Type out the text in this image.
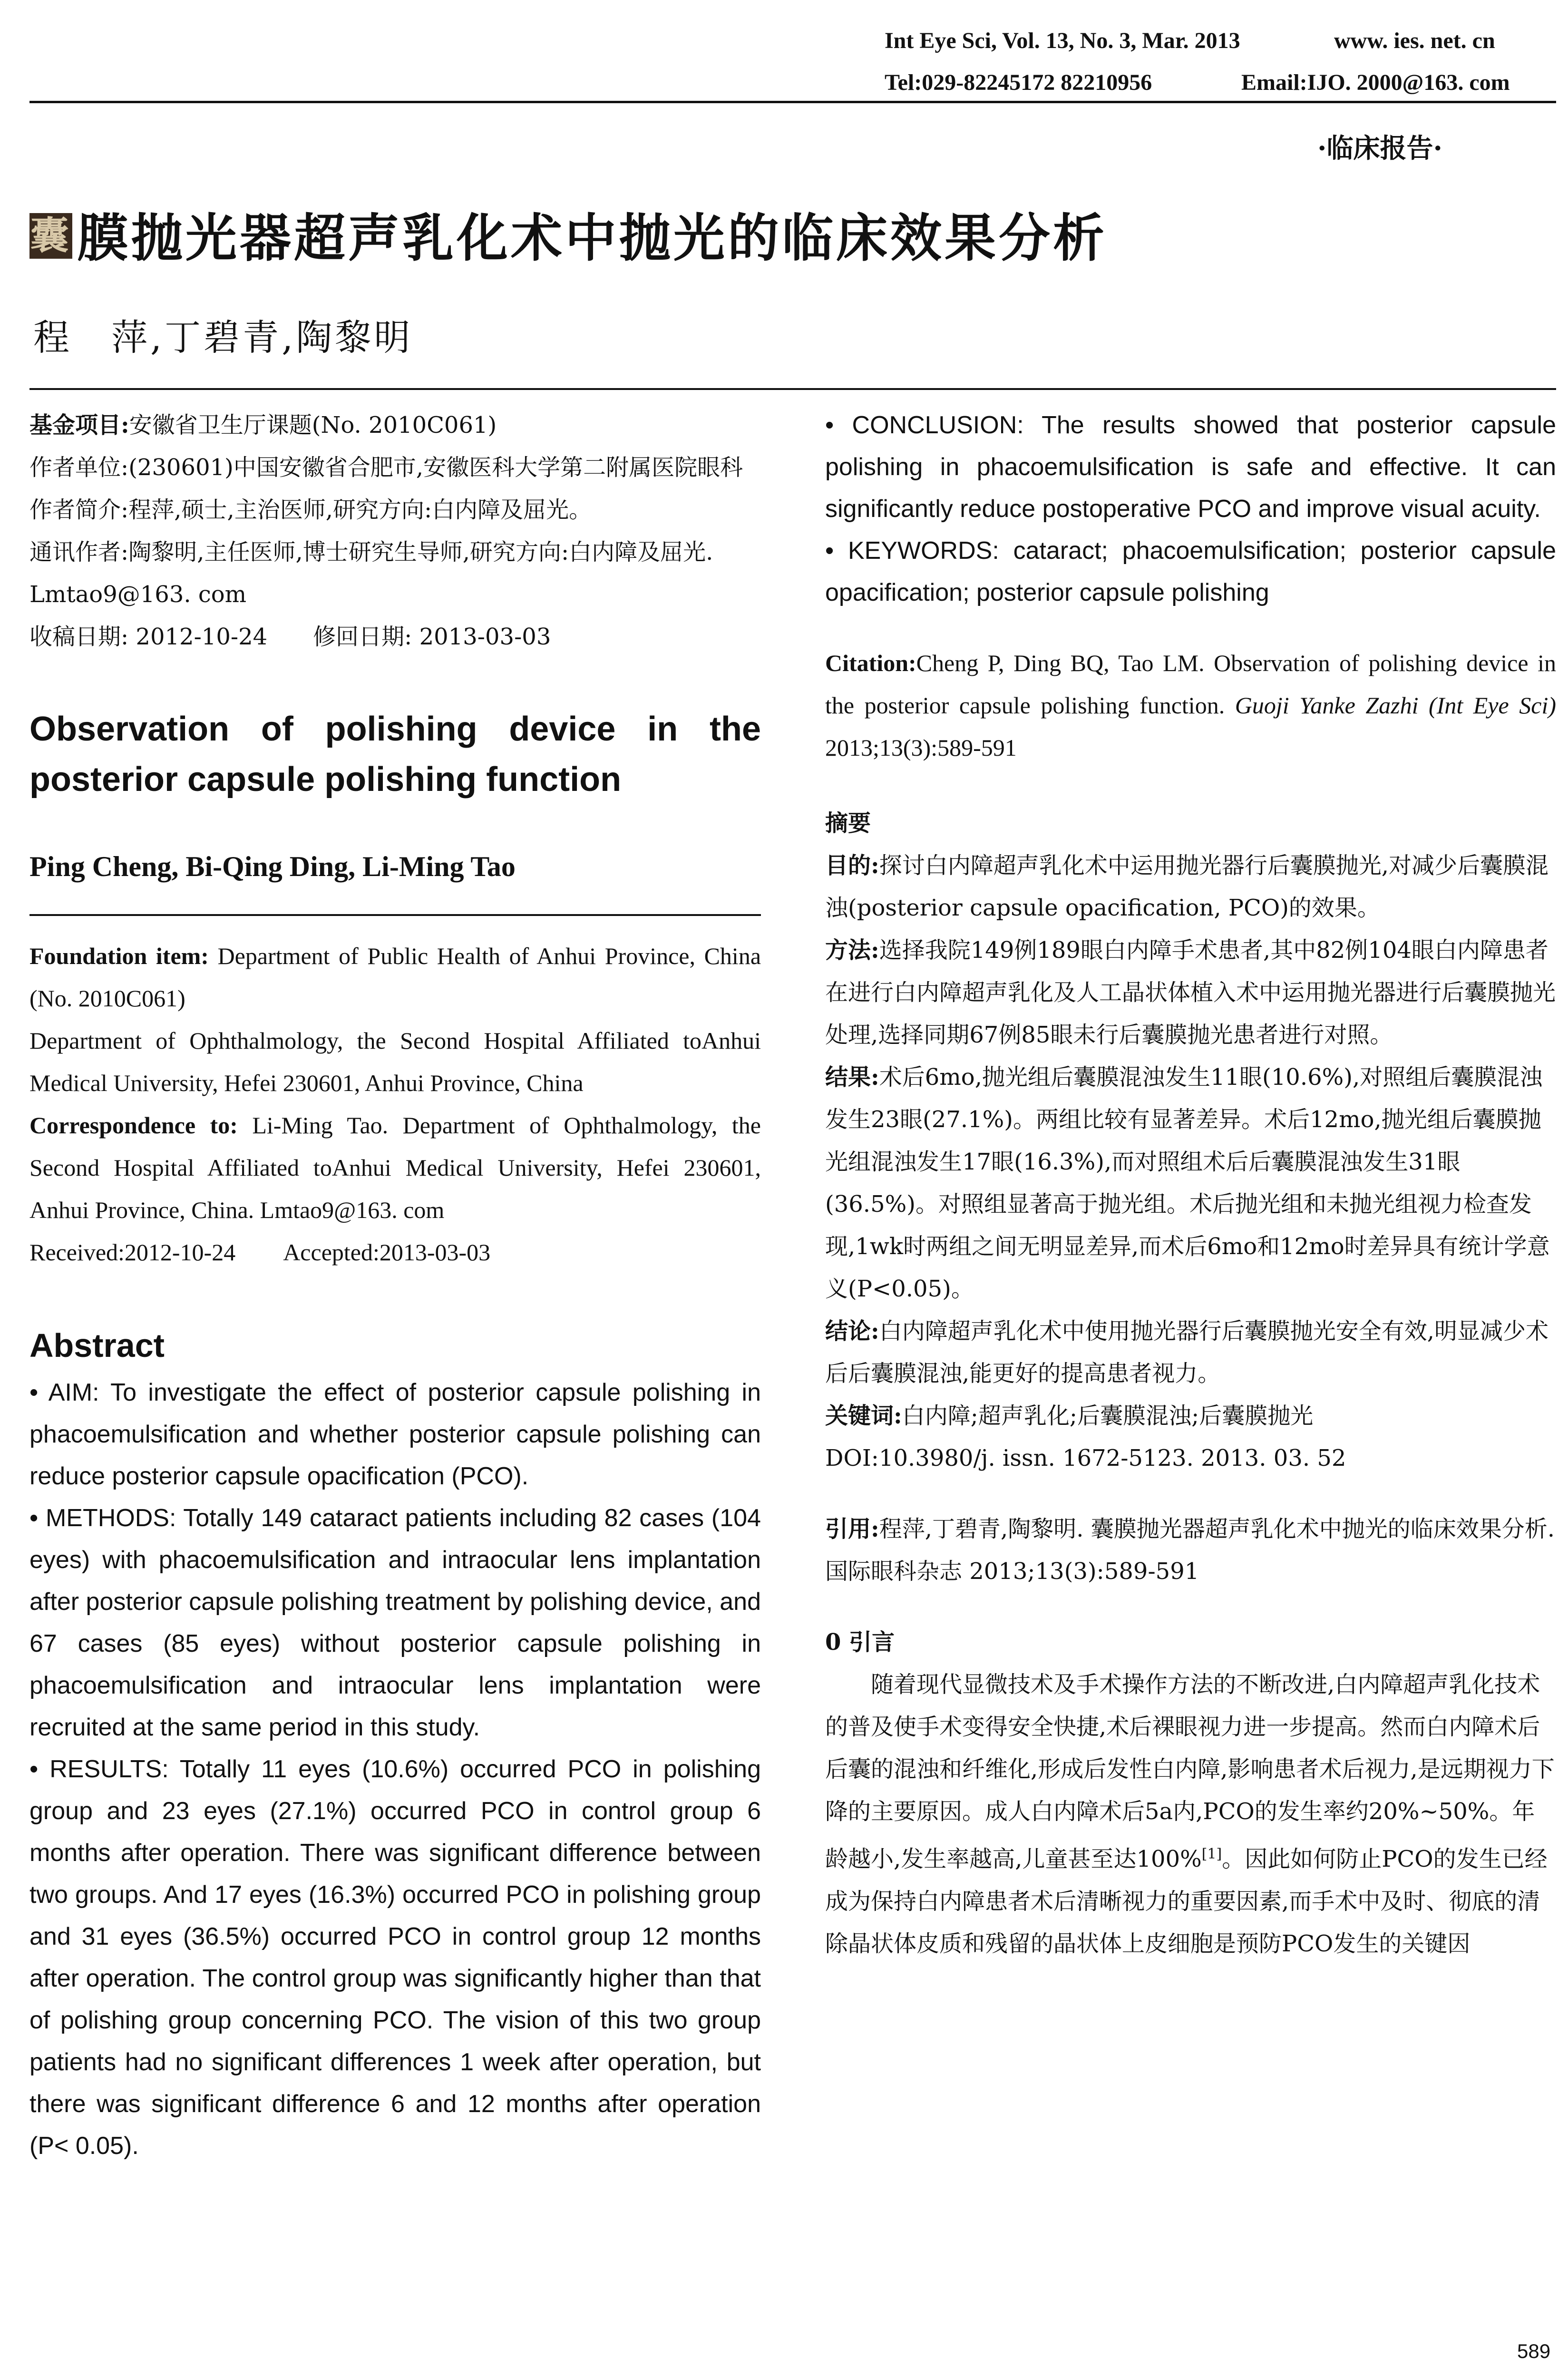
Int Eye Sci, Vol. 13, No. 3, Mar. 2013	www. ies. net. cn
Tel:029-82245172 82210956	Email:IJO. 2000@163. com
·临床报告·
囊 膜抛光器超声乳化术中抛光的临床效果分析
程　萍,丁碧青,陶黎明

基金项目:安徽省卫生厅课题(No. 2010C061)

作者单位:(230601)中国安徽省合肥市,安徽医科大学第二附属医院眼科

作者简介:程萍,硕士,主治医师,研究方向:白内障及屈光。

通讯作者:陶黎明,主任医师,博士研究生导师,研究方向:白内障及屈光. Lmtao9@163. com

收稿日期: 2012-10-24　　修回日期: 2013-03-03

Observation of polishing device in the posterior capsule polishing function

Ping Cheng, Bi-Qing Ding, Li-Ming Tao

Foundation item: Department of Public Health of Anhui Province, China (No. 2010C061)

Department of Ophthalmology, the Second Hospital Affiliated toAnhui Medical University, Hefei 230601, Anhui Province, China

Correspondence to: Li-Ming Tao. Department of Ophthalmology, the Second Hospital Affiliated toAnhui Medical University, Hefei 230601, Anhui Province, China. Lmtao9@163. com

Received:2012-10-24　　Accepted:2013-03-03

Abstract

• AIM: To investigate the effect of posterior capsule polishing in phacoemulsification and whether posterior capsule polishing can reduce posterior capsule opacification (PCO).

• METHODS: Totally 149 cataract patients including 82 cases (104 eyes) with phacoemulsification and intraocular lens implantation after posterior capsule polishing treatment by polishing device, and 67 cases (85 eyes) without posterior capsule polishing in phacoemulsification and intraocular lens implantation were recruited at the same period in this study.

• RESULTS: Totally 11 eyes (10.6%) occurred PCO in polishing group and 23 eyes (27.1%) occurred PCO in control group 6 months after operation. There was significant difference between two groups. And 17 eyes (16.3%) occurred PCO in polishing group and 31 eyes (36.5%) occurred PCO in control group 12 months after operation. The control group was significantly higher than that of polishing group concerning PCO. The vision of this two group patients had no significant differences 1 week after operation, but there was significant difference 6 and 12 months after operation (P< 0.05).

• CONCLUSION: The results showed that posterior capsule polishing in phacoemulsification is safe and effective. It can significantly reduce postoperative PCO and improve visual acuity.

• KEYWORDS: cataract; phacoemulsification; posterior capsule opacification; posterior capsule polishing

Citation:Cheng P, Ding BQ, Tao LM. Observation of polishing device in the posterior capsule polishing function. Guoji Yanke Zazhi (Int Eye Sci) 2013;13(3):589-591

摘要

目的:探讨白内障超声乳化术中运用抛光器行后囊膜抛光,对减少后囊膜混浊(posterior capsule opacification, PCO)的效果。

方法:选择我院149例189眼白内障手术患者,其中82例104眼白内障患者在进行白内障超声乳化及人工晶状体植入术中运用抛光器进行后囊膜抛光处理,选择同期67例85眼未行后囊膜抛光患者进行对照。

结果:术后6mo,抛光组后囊膜混浊发生11眼(10.6%),对照组后囊膜混浊发生23眼(27.1%)。两组比较有显著差异。术后12mo,抛光组后囊膜抛光组混浊发生17眼(16.3%),而对照组术后后囊膜混浊发生31眼(36.5%)。对照组显著高于抛光组。术后抛光组和未抛光组视力检查发现,1wk时两组之间无明显差异,而术后6mo和12mo时差异具有统计学意义(P<0.05)。

结论:白内障超声乳化术中使用抛光器行后囊膜抛光安全有效,明显减少术后后囊膜混浊,能更好的提高患者视力。

关键词:白内障;超声乳化;后囊膜混浊;后囊膜抛光

DOI:10.3980/j. issn. 1672-5123. 2013. 03. 52

引用:程萍,丁碧青,陶黎明. 囊膜抛光器超声乳化术中抛光的临床效果分析. 国际眼科杂志 2013;13(3):589-591

0 引言

随着现代显微技术及手术操作方法的不断改进,白内障超声乳化技术的普及使手术变得安全快捷,术后裸眼视力进一步提高。然而白内障术后后囊的混浊和纤维化,形成后发性白内障,影响患者术后视力,是远期视力下降的主要原因。成人白内障术后5a内,PCO的发生率约20%~50%。年龄越小,发生率越高,儿童甚至达100%[1]。因此如何防止PCO的发生已经成为保持白内障患者术后清晰视力的重要因素,而手术中及时、彻底的清除晶状体皮质和残留的晶状体上皮细胞是预防PCO发生的关键因

589
